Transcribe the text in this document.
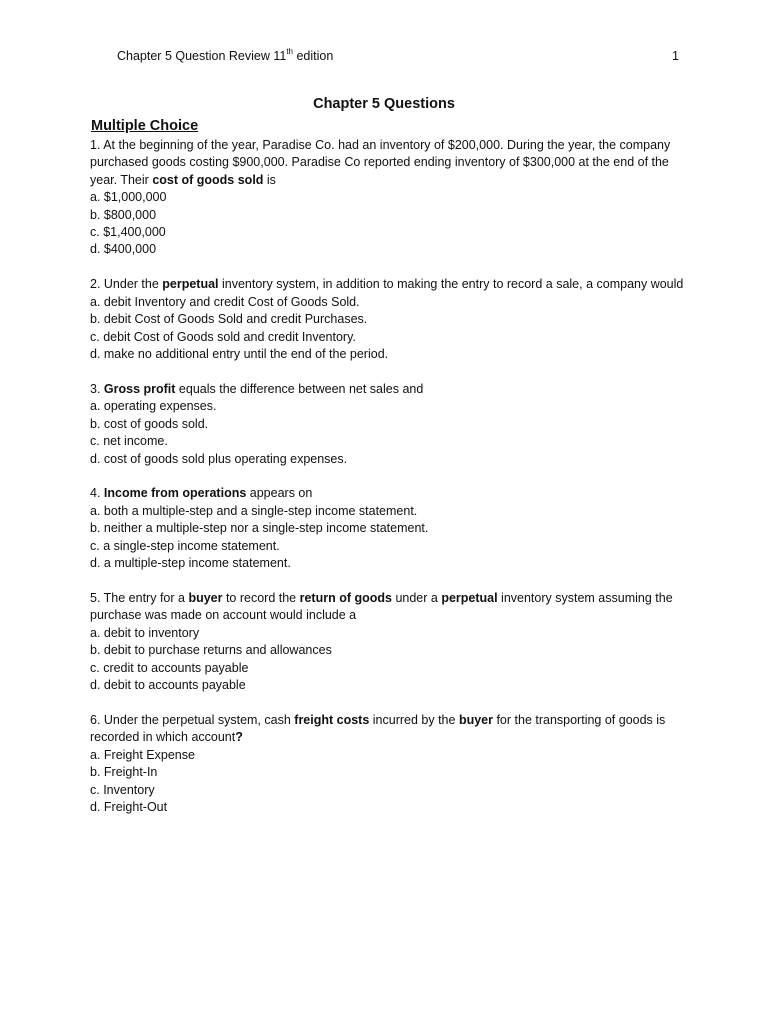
Chapter 5 Question Review 11th edition	1
Chapter 5 Questions
Multiple Choice

1. At the beginning of the year, Paradise Co. had an inventory of $200,000. During the year, the company purchased goods costing $900,000. Paradise Co reported ending inventory of $300,000 at the end of the year. Their cost of goods sold is

a. $1,000,000
b. $800,000
c. $1,400,000
d. $400,000

2. Under the perpetual inventory system, in addition to making the entry to record a sale, a company would

a. debit Inventory and credit Cost of Goods Sold.
b. debit Cost of Goods Sold and credit Purchases.
c. debit Cost of Goods sold and credit Inventory.
d. make no additional entry until the end of the period.

3. Gross profit equals the difference between net sales and

a. operating expenses.
b. cost of goods sold.
c. net income.
d. cost of goods sold plus operating expenses.

4. Income from operations appears on

a. both a multiple-step and a single-step income statement.
b. neither a multiple-step nor a single-step income statement.
c. a single-step income statement.
d. a multiple-step income statement.

5. The entry for a buyer to record the return of goods under a perpetual inventory system assuming the purchase was made on account would include a

a. debit to inventory
b. debit to purchase returns and allowances
c. credit to accounts payable
d. debit to accounts payable

6. Under the perpetual system, cash freight costs incurred by the buyer for the transporting of goods is recorded in which account?

a. Freight Expense
b. Freight-In
c. Inventory
d. Freight-Out
